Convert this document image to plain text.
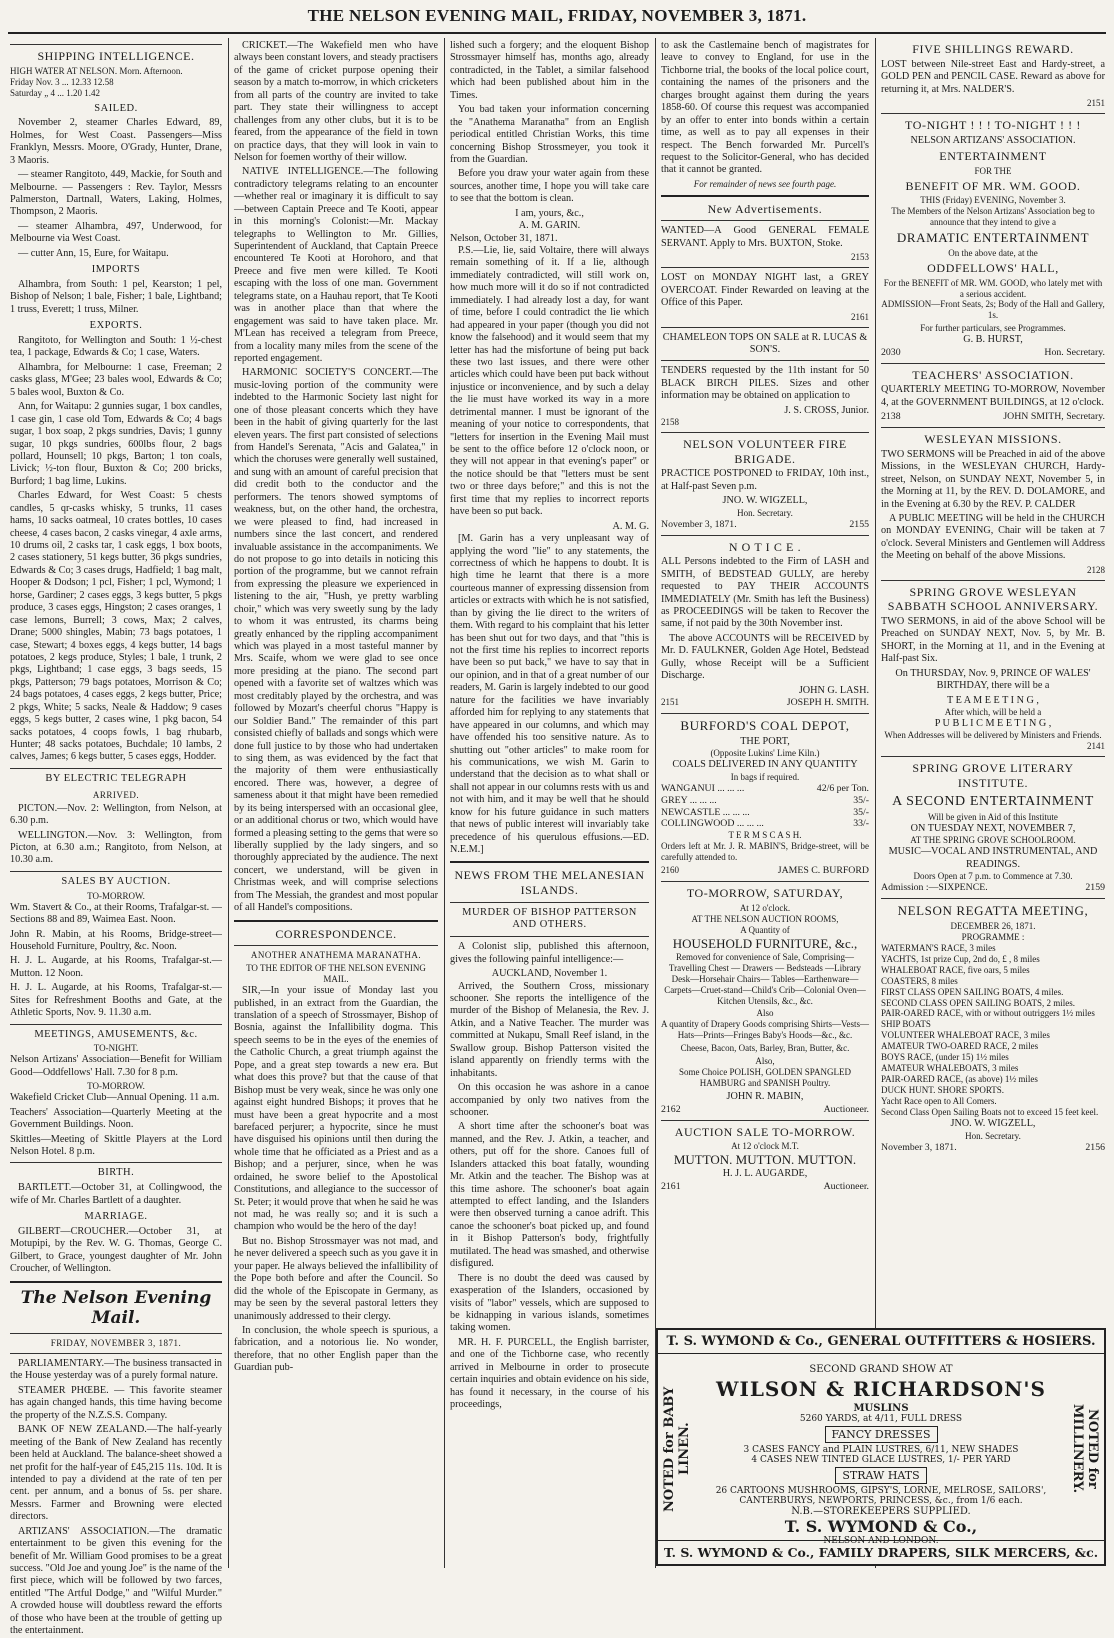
THE NELSON EVENING MAIL, FRIDAY, NOVEMBER 3, 1871.
SHIPPING INTELLIGENCE.
HIGH WATER AT NELSON. Morn. Afternoon.
Friday Nov. 3 ... 12.33 12.58
Saturday „ 4 ... 1.20 1.42
SAILED.

November 2, steamer Charles Edward, 89, Holmes, for West Coast. Passengers—Miss Franklyn, Messrs. Moore, O'Grady, Hunter, Drane, 3 Maoris.

— steamer Rangitoto, 449, Mackie, for South and Melbourne. — Passengers : Rev. Taylor, Messrs Palmerston, Dartnall, Waters, Laking, Holmes, Thompson, 2 Maoris.

— steamer Alhambra, 497, Underwood, for Melbourne via West Coast.

— cutter Ann, 15, Eure, for Waitapu.

IMPORTS

Alhambra, from South: 1 pel, Kearston; 1 pel, Bishop of Nelson; 1 bale, Fisher; 1 bale, Lightband; 1 truss, Everett; 1 truss, Milner.

EXPORTS.

Rangitoto, for Wellington and South: 1 ½-chest tea, 1 package, Edwards & Co; 1 case, Waters.

Alhambra, for Melbourne: 1 case, Freeman; 2 casks glass, M'Gee; 23 bales wool, Edwards & Co; 5 bales wool, Buxton & Co.

Ann, for Waitapu: 2 gunnies sugar, 1 box candles, 1 case gin, 1 case old Tom, Edwards & Co; 4 bags sugar, 1 box soap, 2 pkgs sundries, Davis; 1 gunny sugar, 10 pkgs sundries, 600lbs flour, 2 bags pollard, Hounsell; 10 pkgs, Barton; 1 ton coals, Livick; ½-ton flour, Buxton & Co; 200 bricks, Burford; 1 bag lime, Lukins.

Charles Edward, for West Coast: 5 chests candles, 5 qr-casks whisky, 5 trunks, 11 cases hams, 10 sacks oatmeal, 10 crates bottles, 10 cases cheese, 4 cases bacon, 2 casks vinegar, 4 axle arms, 10 drums oil, 2 casks tar, 1 cask eggs, 1 box boots, 2 cases stationery, 51 kegs butter, 36 pkgs sundries, Edwards & Co; 3 cases drugs, Hadfield; 1 bag malt, Hooper & Dodson; 1 pcl, Fisher; 1 pcl, Wymond; 1 horse, Gardiner; 2 cases eggs, 3 kegs butter, 5 pkgs produce, 3 cases eggs, Hingston; 2 cases oranges, 1 case lemons, Burrell; 3 cows, Max; 2 calves, Drane; 5000 shingles, Mabin; 73 bags potatoes, 1 case, Stewart; 4 boxes eggs, 4 kegs butter, 14 bags potatoes, 2 kegs produce, Styles; 1 bale, 1 trunk, 2 pkgs, Lightband; 1 case eggs, 3 bags seeds, 15 pkgs, Patterson; 79 bags potatoes, Morrison & Co; 24 bags potatoes, 4 cases eggs, 2 kegs butter, Price; 2 pkgs, White; 5 sacks, Neale & Haddow; 9 cases eggs, 5 kegs butter, 2 cases wine, 1 pkg bacon, 54 sacks potatoes, 4 coops fowls, 1 bag rhubarb, Hunter; 48 sacks potatoes, Buchdale; 10 lambs, 2 calves, James; 6 kegs butter, 5 cases eggs, Hodder.

BY ELECTRIC TELEGRAPH
ARRIVED.

PICTON.—Nov. 2: Wellington, from Nelson, at 6.30 p.m.

WELLINGTON.—Nov. 3: Wellington, from Picton, at 6.30 a.m.; Rangitoto, from Nelson, at 10.30 a.m.

SALES BY AUCTION.
TO-MORROW.

Wm. Stavert & Co., at their Rooms, Trafalgar-st. —Sections 88 and 89, Waimea East. Noon.

John R. Mabin, at his Rooms, Bridge-street— Household Furniture, Poultry, &c. Noon.

H. J. L. Augarde, at his Rooms, Trafalgar-st.— Mutton. 12 Noon.

H. J. L. Augarde, at his Rooms, Trafalgar-st.— Sites for Refreshment Booths and Gate, at the Athletic Sports, Nov. 9. 11.30 a.m.

MEETINGS, AMUSEMENTS, &c.
TO-NIGHT.

Nelson Artizans' Association—Benefit for William Good—Oddfellows' Hall. 7.30 for 8 p.m.

TO-MORROW.

Wakefield Cricket Club—Annual Opening. 11 a.m.

Teachers' Association—Quarterly Meeting at the Government Buildings. Noon.

Skittles—Meeting of Skittle Players at the Lord Nelson Hotel. 8 p.m.

BIRTH.

BARTLETT.—October 31, at Collingwood, the wife of Mr. Charles Bartlett of a daughter.

MARRIAGE.

GILBERT—CROUCHER.—October 31, at Motupipi, by the Rev. W. G. Thomas, George C. Gilbert, to Grace, youngest daughter of Mr. John Croucher, of Wellington.

The Nelson Evening Mail.
FRIDAY, NOVEMBER 3, 1871.

PARLIAMENTARY.—The business transacted in the House yesterday was of a purely formal nature.

STEAMER PHŒBE. — This favorite steamer has again changed hands, this time having become the property of the N.Z.S.S. Company.

BANK OF NEW ZEALAND.—The half-yearly meeting of the Bank of New Zealand has recently been held at Auckland. The balance-sheet showed a net profit for the half-year of £45,215 11s. 10d. It is intended to pay a dividend at the rate of ten per cent. per annum, and a bonus of 5s. per share. Messrs. Farmer and Browning were elected directors.

ARTIZANS' ASSOCIATION.—The dramatic entertainment to be given this evening for the benefit of Mr. William Good promises to be a great success. "Old Joe and young Joe" is the name of the first piece, which will be followed by two farces, entitled "The Artful Dodge," and "Wilful Murder." A crowded house will doubtless reward the efforts of those who have been at the trouble of getting up the entertainment.

CRICKET.—The Wakefield men who have always been constant lovers, and steady practisers of the game of cricket purpose opening their season by a match to-morrow, in which cricketers from all parts of the country are invited to take part. They state their willingness to accept challenges from any other clubs, but it is to be feared, from the appearance of the field in town on practice days, that they will look in vain to Nelson for foemen worthy of their willow.

NATIVE INTELLIGENCE.—The following contradictory telegrams relating to an encounter—whether real or imaginary it is difficult to say—between Captain Preece and Te Kooti, appear in this morning's Colonist:—Mr. Mackay telegraphs to Wellington to Mr. Gillies, Superintendent of Auckland, that Captain Preece encountered Te Kooti at Horohoro, and that Preece and five men were killed. Te Kooti escaping with the loss of one man. Government telegrams state, on a Hauhau report, that Te Kooti was in another place than that where the engagement was said to have taken place. Mr. M'Lean has received a telegram from Preece, from a locality many miles from the scene of the reported engagement.

HARMONIC SOCIETY'S CONCERT.—The music-loving portion of the community were indebted to the Harmonic Society last night for one of those pleasant concerts which they have been in the habit of giving quarterly for the last eleven years. The first part consisted of selections from Handel's Serenata, "Acis and Galatea," in which the choruses were generally well sustained, and sung with an amount of careful precision that did credit both to the conductor and the performers. The tenors showed symptoms of weakness, but, on the other hand, the orchestra, we were pleased to find, had increased in numbers since the last concert, and rendered invaluable assistance in the accompaniments. We do not propose to go into details in noticing this portion of the programme, but we cannot refrain from expressing the pleasure we experienced in listening to the air, "Hush, ye pretty warbling choir," which was very sweetly sung by the lady to whom it was entrusted, its charms being greatly enhanced by the rippling accompaniment which was played in a most tasteful manner by Mrs. Scaife, whom we were glad to see once more presiding at the piano. The second part opened with a favorite set of waltzes which was most creditably played by the orchestra, and was followed by Mozart's cheerful chorus "Happy is our Soldier Band." The remainder of this part consisted chiefly of ballads and songs which were done full justice to by those who had undertaken to sing them, as was evidenced by the fact that the majority of them were enthusiastically encored. There was, however, a degree of sameness about it that might have been remedied by its being interspersed with an occasional glee, or an additional chorus or two, which would have formed a pleasing setting to the gems that were so liberally supplied by the lady singers, and so thoroughly appreciated by the audience. The next concert, we understand, will be given in Christmas week, and will comprise selections from The Messiah, the grandest and most popular of all Handel's compositions.

CORRESPONDENCE.
ANOTHER ANATHEMA MARANATHA.
TO THE EDITOR OF THE NELSON EVENING MAIL.

SIR,—In your issue of Monday last you published, in an extract from the Guardian, the translation of a speech of Strossmayer, Bishop of Bosnia, against the Infallibility dogma. This speech seems to be in the eyes of the enemies of the Catholic Church, a great triumph against the Pope, and a great step towards a new era. But what does this prove? but that the cause of that Bishop must be very weak, since he was only one against eight hundred Bishops; it proves that he must have been a great hypocrite and a most barefaced perjurer; a hypocrite, since he must have disguised his opinions until then during the whole time that he officiated as a Priest and as a Bishop; and a perjurer, since, when he was ordained, he swore belief to the Apostolical Constitutions, and allegiance to the successor of St. Peter; it would prove that when he said he was not mad, he was really so; and it is such a champion who would be the hero of the day!

But no. Bishop Strossmayer was not mad, and he never delivered a speech such as you gave it in your paper. He always believed the infallibility of the Pope both before and after the Council. So did the whole of the Episcopate in Germany, as may be seen by the several pastoral letters they unanimously addressed to their clergy.

In conclusion, the whole speech is spurious, a fabrication, and a notorious lie. No wonder, therefore, that no other English paper than the Guardian pub-

lished such a forgery; and the eloquent Bishop Strossmayer himself has, months ago, already contradicted, in the Tablet, a similar falsehood which had been published about him in the Times.

You bad taken your information concerning the "Anathema Maranatha" from an English periodical entitled Christian Works, this time concerning Bishop Strossmeyer, you took it from the Guardian.

Before you draw your water again from these sources, another time, I hope you will take care to see that the bottom is clean.

I am, yours, &c.,
A. M. GARIN.
Nelson, October 31, 1871.

P.S.—Lie, lie, said Voltaire, there will always remain something of it. If a lie, although immediately contradicted, will still work on, how much more will it do so if not contradicted immediately. I had already lost a day, for want of time, before I could contradict the lie which had appeared in your paper (though you did not know the falsehood) and it would seem that my letter has had the misfortune of being put back these two last issues, and there were other articles which could have been put back without injustice or inconvenience, and by such a delay the lie must have worked its way in a more detrimental manner. I must be ignorant of the meaning of your notice to correspondents, that "letters for insertion in the Evening Mail must be sent to the office before 12 o'clock noon, or they will not appear in that evening's paper" or the notice should be that "letters must be sent two or three days before;" and this is not the first time that my replies to incorrect reports have been so put back.

A. M. G.

[M. Garin has a very unpleasant way of applying the word "lie" to any statements, the correctness of which he happens to doubt. It is high time he learnt that there is a more courteous manner of expressing dissension from articles or extracts with which he is not satisfied, than by giving the lie direct to the writers of them. With regard to his complaint that his letter has been shut out for two days, and that "this is not the first time his replies to incorrect reports have been so put back," we have to say that in our opinion, and in that of a great number of our readers, M. Garin is largely indebted to our good nature for the facilities we have invariably afforded him for replying to any statements that have appeared in our columns, and which may have offended his too sensitive nature. As to shutting out "other articles" to make room for his communications, we wish M. Garin to understand that the decision as to what shall or shall not appear in our columns rests with us and not with him, and it may be well that he should know for his future guidance in such matters that news of public interest will invariably take precedence of his querulous effusions.—ED. N.E.M.]

NEWS FROM THE MELANESIAN ISLANDS.
MURDER OF BISHOP PATTERSON AND OTHERS.

A Colonist slip, published this afternoon, gives the following painful intelligence:—

AUCKLAND, November 1.

Arrived, the Southern Cross, missionary schooner. She reports the intelligence of the murder of the Bishop of Melanesia, the Rev. J. Atkin, and a Native Teacher. The murder was committed at Nukapu, Small Reef island, in the Swallow group. Bishop Patterson visited the island apparently on friendly terms with the inhabitants.

On this occasion he was ashore in a canoe accompanied by only two natives from the schooner.

A short time after the schooner's boat was manned, and the Rev. J. Atkin, a teacher, and others, put off for the shore. Canoes full of Islanders attacked this boat fatally, wounding Mr. Atkin and the teacher. The Bishop was at this time ashore. The schooner's boat again attempted to effect landing, and the Islanders were then observed turning a canoe adrift. This canoe the schooner's boat picked up, and found in it Bishop Patterson's body, frightfully mutilated. The head was smashed, and otherwise disfigured.

There is no doubt the deed was caused by exasperation of the Islanders, occasioned by visits of "labor" vessels, which are supposed to be kidnapping in various islands, sometimes taking women.

MR. H. F. PURCELL, the English barrister, and one of the Tichborne case, who recently arrived in Melbourne in order to prosecute certain inquiries and obtain evidence on his side, has found it necessary, in the course of his proceedings,

to ask the Castlemaine bench of magistrates for leave to convey to England, for use in the Tichborne trial, the books of the local police court, containing the names of the prisoners and the charges brought against them during the years 1858-60. Of course this request was accompanied by an offer to enter into bonds within a certain time, as well as to pay all expenses in their respect. The Bench forwarded Mr. Purcell's request to the Solicitor-General, who has decided that it cannot be granted.

For remainder of news see fourth page.
New Advertisements.

WANTED—A Good GENERAL FEMALE SERVANT. Apply to Mrs. BUXTON, Stoke.

2153

LOST on MONDAY NIGHT last, a GREY OVERCOAT. Finder Rewarded on leaving at the Office of this Paper.

2161

CHAMELEON TOPS ON SALE at R. LUCAS & SON'S.

TENDERS requested by the 11th instant for 50 BLACK BIRCH PILES. Sizes and other information may be obtained on application to

J. S. CROSS, Junior.
2158
NELSON VOLUNTEER FIRE BRIGADE.

PRACTICE POSTPONED to FRIDAY, 10th inst., at Half-past Seven p.m.

JNO. W. WIGZELL,
Hon. Secretary.
November 3, 1871.	2155
N O T I C E .

ALL Persons indebted to the Firm of LASH and SMITH, of BEDSTEAD GULLY, are hereby requested to PAY THEIR ACCOUNTS IMMEDIATELY (Mr. Smith has left the Business) as PROCEEDINGS will be taken to Recover the same, if not paid by the 30th November inst.

The above ACCOUNTS will be RECEIVED by Mr. D. FAULKNER, Golden Age Hotel, Bedstead Gully, whose Receipt will be a Sufficient Discharge.

JOHN G. LASH.
2151	JOSEPH H. SMITH.
BURFORD'S COAL DEPOT,
THE PORT,
(Opposite Lukins' Lime Kiln.)
COALS DELIVERED IN ANY QUANTITY
In bags if required.
WANGANUI ... ... ...	42/6 per Ton.
GREY ... ... ...	35/-
NEWCASTLE ... ... ...	35/-
COLLINGWOOD ... ... ...	33/-
T E R M S C A S H.

Orders left at Mr. J. R. MABIN'S, Bridge-street, will be carefully attended to.

2160	JAMES C. BURFORD
TO-MORROW, SATURDAY,
At 12 o'clock.
AT THE NELSON AUCTION ROOMS,
A Quantity of
HOUSEHOLD FURNITURE, &c.,
Removed for convenience of Sale, Comprising—

Travelling Chest — Drawers — Bedsteads —Library Desk—Horsehair Chairs— Tables—Earthenware—Carpets—Cruet-stand—Child's Crib—Colonial Oven—Kitchen Utensils, &c., &c.

Also

A quantity of Drapery Goods comprising Shirts—Vests—Hats—Prints—Fringes Baby's Hoods—&c., &c.

Cheese, Bacon, Oats, Barley, Bran, Butter, &c.

Also,

Some Choice POLISH, GOLDEN SPANGLED HAMBURG and SPANISH Poultry.

JOHN R. MABIN,
2162	Auctioneer.
AUCTION SALE TO-MORROW.
At 12 o'clock M.T.
MUTTON. MUTTON. MUTTON.
H. J. L. AUGARDE,
2161	Auctioneer.
FIVE SHILLINGS REWARD.

LOST between Nile-street East and Hardy-street, a GOLD PEN and PENCIL CASE. Reward as above for returning it, at Mrs. NALDER'S.

2151
TO-NIGHT ! ! ! TO-NIGHT ! ! !
NELSON ARTIZANS' ASSOCIATION.
ENTERTAINMENT
FOR THE
BENEFIT OF MR. WM. GOOD.
THIS (Friday) EVENING, November 3.

The Members of the Nelson Artizans' Association beg to announce that they intend to give a

DRAMATIC ENTERTAINMENT
On the above date, at the
ODDFELLOWS' HALL,
For the BENEFIT of MR. WM. GOOD, who lately met with a serious accident.

ADMISSION—Front Seats, 2s; Body of the Hall and Gallery, 1s.

For further particulars, see Programmes.
G. B. HURST,
2030	Hon. Secretary.
TEACHERS' ASSOCIATION.

QUARTERLY MEETING TO-MORROW, November 4, at the GOVERNMENT BUILDINGS, at 12 o'clock.

2138	JOHN SMITH, Secretary.
WESLEYAN MISSIONS.

TWO SERMONS will be Preached in aid of the above Missions, in the WESLEYAN CHURCH, Hardy-street, Nelson, on SUNDAY NEXT, November 5, in the Morning at 11, by the REV. D. DOLAMORE, and in the Evening at 6.30 by the REV. P. CALDER

A PUBLIC MEETING will be held in the CHURCH on MONDAY EVENING, Chair will be taken at 7 o'clock. Several Ministers and Gentlemen will Address the Meeting on behalf of the above Missions.

2128
SPRING GROVE WESLEYAN SABBATH SCHOOL ANNIVERSARY.

TWO SERMONS, in aid of the above School will be Preached on SUNDAY NEXT, Nov. 5, by Mr. B. SHORT, in the Morning at 11, and in the Evening at Half-past Six.

On THURSDAY, Nov. 9, PRINCE OF WALES' BIRTHDAY, there will be a

T E A M E E T I N G ,
After which, will be held a
P U B L I C M E E T I N G ,
When Addresses will be delivered by Ministers and Friends.
2141
SPRING GROVE LITERARY INSTITUTE.
A SECOND ENTERTAINMENT
Will be given in Aid of this Institute
ON TUESDAY NEXT, NOVEMBER 7,
AT THE SPRING GROVE SCHOOLROOM.
MUSIC—VOCAL AND INSTRUMENTAL, AND READINGS.
Doors Open at 7 p.m. to Commence at 7.30.
Admission :—SIXPENCE.	2159
NELSON REGATTA MEETING,
DECEMBER 26, 1871.
PROGRAMME :
WATERMAN'S RACE, 3 miles
YACHTS, 1st prize Cup, 2nd do, £ , 8 miles
WHALEBOAT RACE, five oars, 5 miles
COASTERS, 8 miles
FIRST CLASS OPEN SAILING BOATS, 4 miles.
SECOND CLASS OPEN SAILING BOATS, 2 miles.
PAIR-OARED RACE, with or without outriggers 1½ miles
SHIP BOATS
VOLUNTEER WHALEBOAT RACE, 3 miles
AMATEUR TWO-OARED RACE, 2 miles
BOYS RACE, (under 15) 1½ miles
AMATEUR WHALEBOATS, 3 miles
PAIR-OARED RACE, (as above) 1½ miles
DUCK HUNT. SHORE SPORTS.
Yacht Race open to All Comers.
Second Class Open Sailing Boats not to exceed 15 feet keel.
JNO. W. WIGZELL,
Hon. Secretary.
November 3, 1871.	2156
T. S. WYMOND & Co., GENERAL OUTFITTERS & HOSIERS.
NOTED for BABY LINEN.	NOTED for MILLINERY.
SECOND GRAND SHOW AT
WILSON & RICHARDSON'S
MUSLINS
5260 YARDS, at 4/11, FULL DRESS
FANCY DRESSES
3 CASES FANCY and PLAIN LUSTRES, 6/11, NEW SHADES
4 CASES NEW TINTED GLACE LUSTRES, 1/- PER YARD
STRAW HATS
26 CARTOONS MUSHROOMS, GIPSY'S, LORNE, MELROSE, SAILORS', CANTERBURYS, NEWPORTS, PRINCESS, &c., from 1/6 each.
N.B.—STOREKEEPERS SUPPLIED.
T. S. WYMOND & Co.,
NELSON AND LONDON.
T. S. WYMOND & Co., FAMILY DRAPERS, SILK MERCERS, &c.
